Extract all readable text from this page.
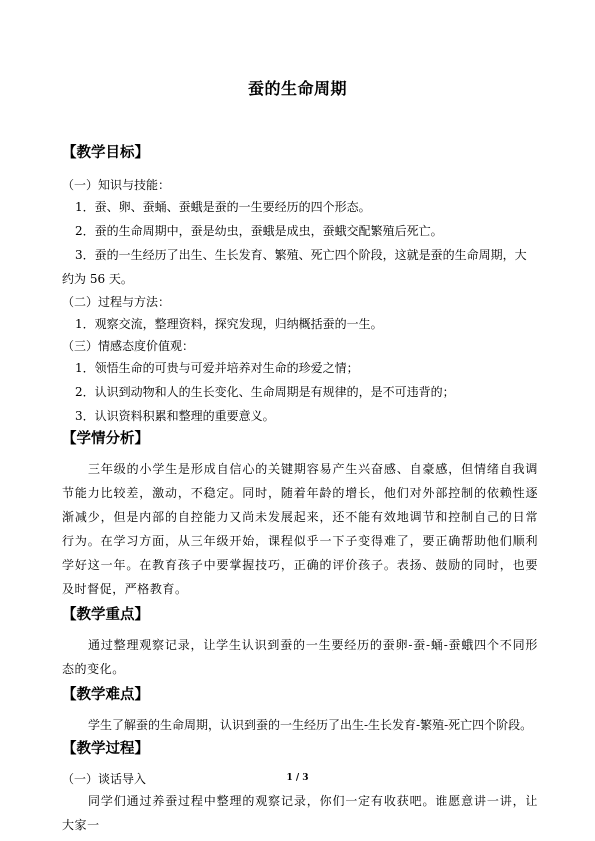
蚕的生命周期
【教学目标】
（一）知识与技能：
1．蚕、卵、蚕蛹、蚕蛾是蚕的一生要经历的四个形态。
2．蚕的生命周期中，蚕是幼虫，蚕蛾是成虫，蚕蛾交配繁殖后死亡。
3．蚕的一生经历了出生、生长发育、繁殖、死亡四个阶段，这就是蚕的生命周期，大约为 56 天。
（二）过程与方法：
1．观察交流，整理资料，探究发现，归纳概括蚕的一生。
（三）情感态度价值观：
1．领悟生命的可贵与可爱并培养对生命的珍爱之情；
2．认识到动物和人的生长变化、生命周期是有规律的，是不可违背的；
3．认识资料积累和整理的重要意义。
【学情分析】
三年级的小学生是形成自信心的关键期容易产生兴奋感、自豪感，但情绪自我调节能力比较差，激动，不稳定。同时，随着年龄的增长，他们对外部控制的依赖性逐渐减少，但是内部的自控能力又尚未发展起来，还不能有效地调节和控制自己的日常行为。在学习方面，从三年级开始，课程似乎一下子变得难了，要正确帮助他们顺利学好这一年。在教育孩子中要掌握技巧，正确的评价孩子。表扬、鼓励的同时，也要及时督促，严格教育。
【教学重点】
通过整理观察记录，让学生认识到蚕的一生要经历的蚕卵-蚕-蛹-蚕蛾四个不同形态的变化。
【教学难点】
学生了解蚕的生命周期，认识到蚕的一生经历了出生-生长发育-繁殖-死亡四个阶段。
【教学过程】
（一）谈话导入
同学们通过养蚕过程中整理的观察记录，你们一定有收获吧。谁愿意讲一讲，让大家一
1 / 3
